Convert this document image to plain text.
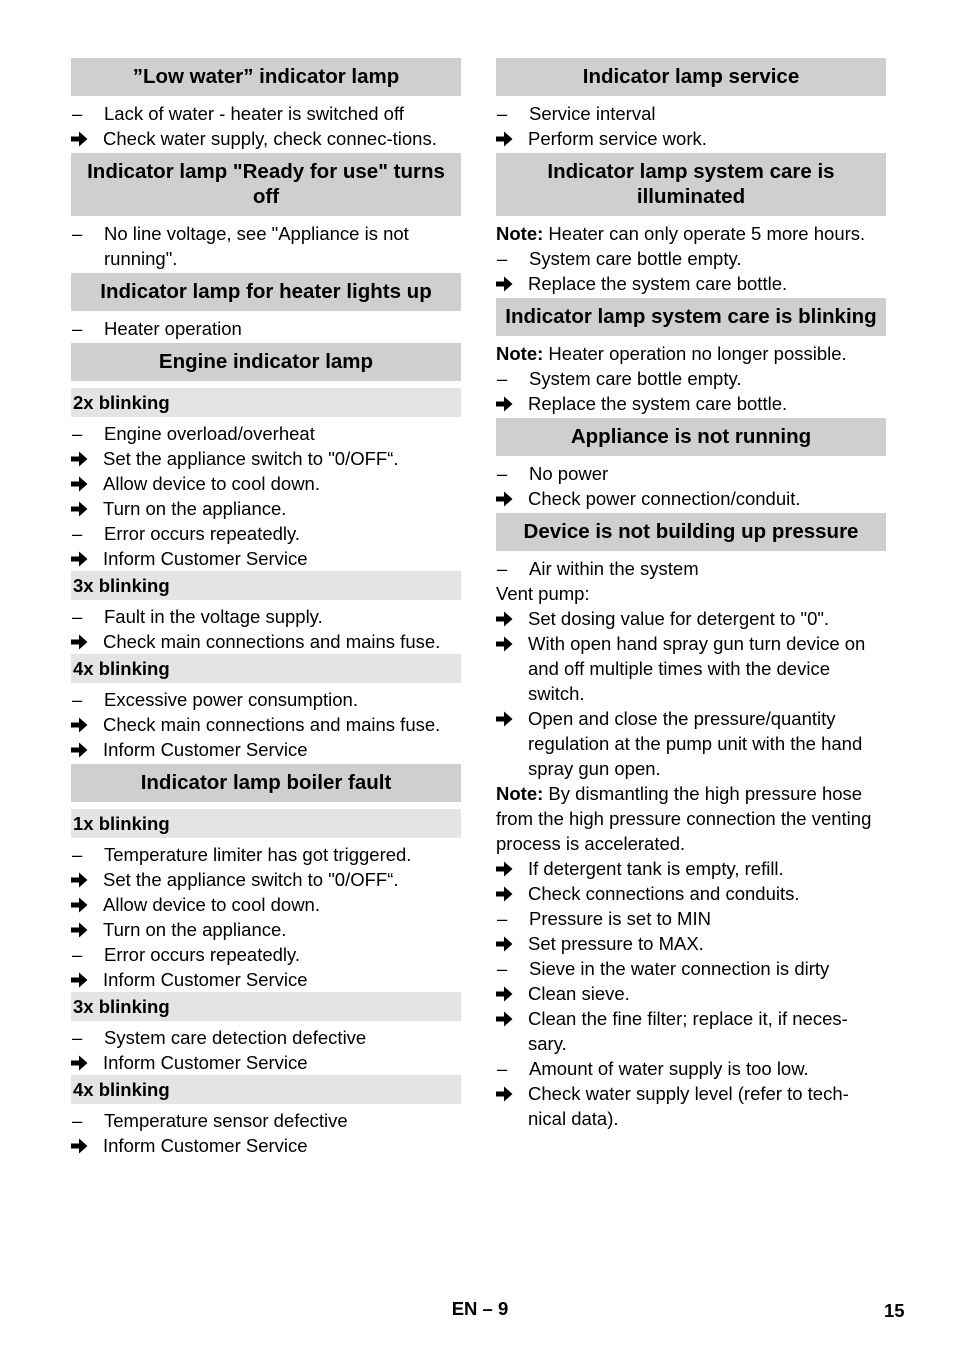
”Low water” indicator lamp
–	Lack of water - heater is switched off
Check water supply, check connec-tions.
Indicator lamp "Ready for use" turns off
–	No line voltage, see "Appliance is not running".
Indicator lamp for heater lights up
–	Heater operation
Engine indicator lamp
2x blinking
–	Engine overload/overheat
Set the appliance switch to "0/OFF“.
Allow device to cool down.
Turn on the appliance.
–	Error occurs repeatedly.
Inform Customer Service
3x blinking
–	Fault in the voltage supply.
Check main connections and mains fuse.
4x blinking
–	Excessive power consumption.
Check main connections and mains fuse.
Inform Customer Service
Indicator lamp boiler fault
1x blinking
–	Temperature limiter has got triggered.
Set the appliance switch to "0/OFF“.
Allow device to cool down.
Turn on the appliance.
–	Error occurs repeatedly.
Inform Customer Service
3x blinking
–	System care detection defective
Inform Customer Service
4x blinking
–	Temperature sensor defective
Inform Customer Service
Indicator lamp service
–	Service interval
Perform service work.
Indicator lamp system care is illuminated
Note: Heater can only operate 5 more hours.
–	System care bottle empty.
Replace the system care bottle.
Indicator lamp system care is blinking
Note: Heater operation no longer possible.
–	System care bottle empty.
Replace the system care bottle.
Appliance is not running
–	No power
Check power connection/conduit.
Device is not building up pressure
–	Air within the system
Vent pump:
Set dosing value for detergent to "0".
With open hand spray gun turn device on and off multiple times with the device switch.
Open and close the pressure/quantity regulation at the pump unit with the hand spray gun open.
Note: By dismantling the high pressure hose from the high pressure connection the venting process is accelerated.
If detergent tank is empty, refill.
Check connections and conduits.
–	Pressure is set to MIN
Set pressure to MAX.
–	Sieve in the water connection is dirty
Clean sieve.
Clean the fine filter; replace it, if neces-sary.
–	Amount of water supply is too low.
Check water supply level (refer to tech-nical data).
EN – 9	15
